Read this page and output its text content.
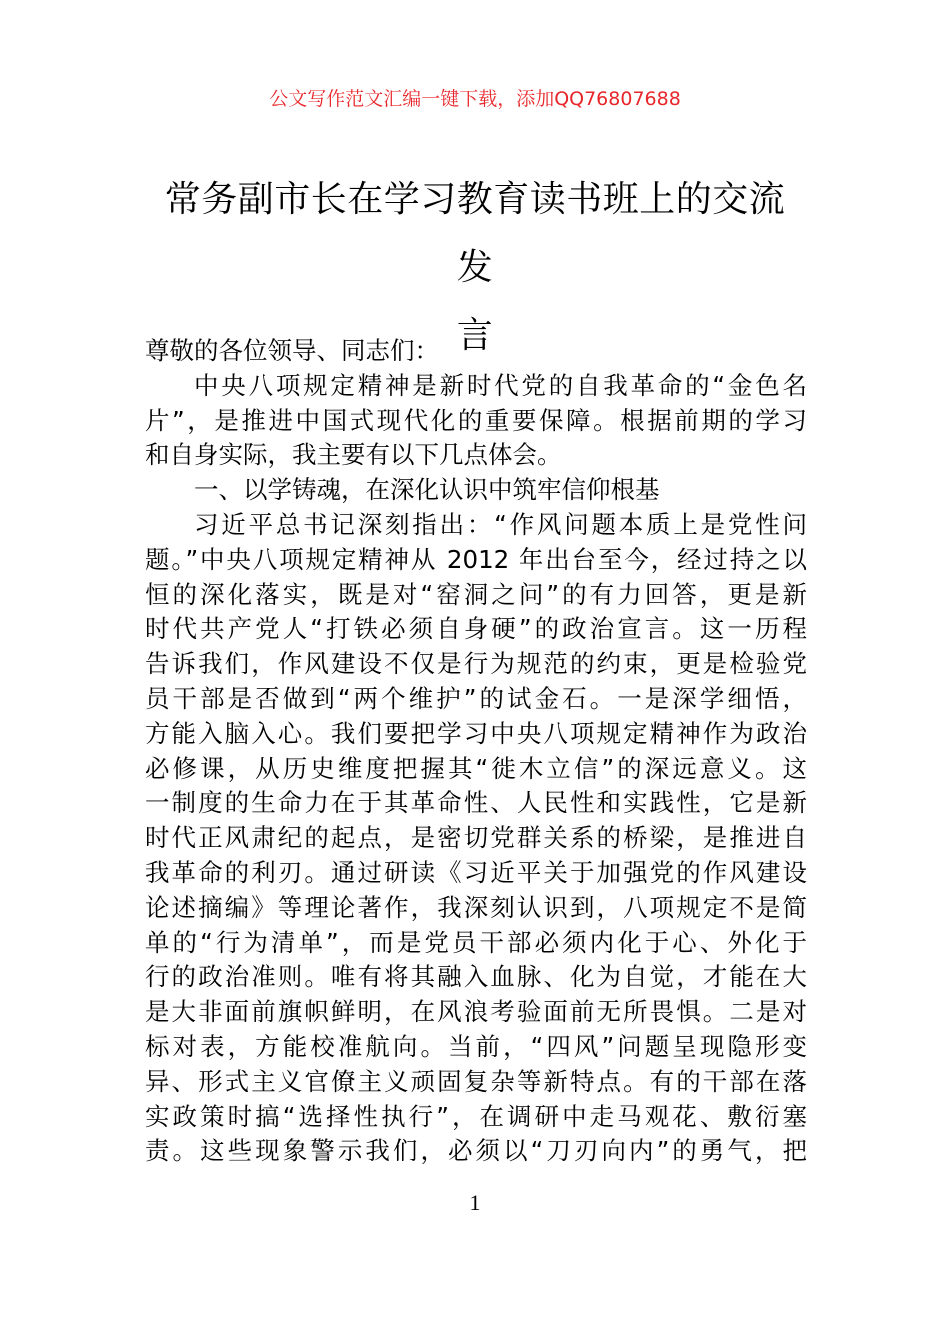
公文写作范文汇编一键下载，添加QQ76807688
常务副市长在学习教育读书班上的交流发
言
尊敬的各位领导、同志们：
中央八项规定精神是新时代党的自我革命的“金色名
片”，是推进中国式现代化的重要保障。根据前期的学习
和自身实际，我主要有以下几点体会。
一、以学铸魂，在深化认识中筑牢信仰根基
习近平总书记深刻指出：“作风问题本质上是党性问
题。”中央八项规定精神从 2012 年出台至今，经过持之以
恒的深化落实，既是对“窑洞之问”的有力回答，更是新
时代共产党人“打铁必须自身硬”的政治宣言。这一历程
告诉我们，作风建设不仅是行为规范的约束，更是检验党
员干部是否做到“两个维护”的试金石。一是深学细悟，
方能入脑入心。我们要把学习中央八项规定精神作为政治
必修课，从历史维度把握其“徙木立信”的深远意义。这
一制度的生命力在于其革命性、人民性和实践性，它是新
时代正风肃纪的起点，是密切党群关系的桥梁，是推进自
我革命的利刃。通过研读《习近平关于加强党的作风建设
论述摘编》等理论著作，我深刻认识到，八项规定不是简
单的“行为清单”，而是党员干部必须内化于心、外化于
行的政治准则。唯有将其融入血脉、化为自觉，才能在大
是大非面前旗帜鲜明，在风浪考验面前无所畏惧。二是对
标对表，方能校准航向。当前，“四风”问题呈现隐形变
异、形式主义官僚主义顽固复杂等新特点。有的干部在落
实政策时搞“选择性执行”，在调研中走马观花、敷衍塞
责。这些现象警示我们，必须以“刀刃向内”的勇气，把
1
